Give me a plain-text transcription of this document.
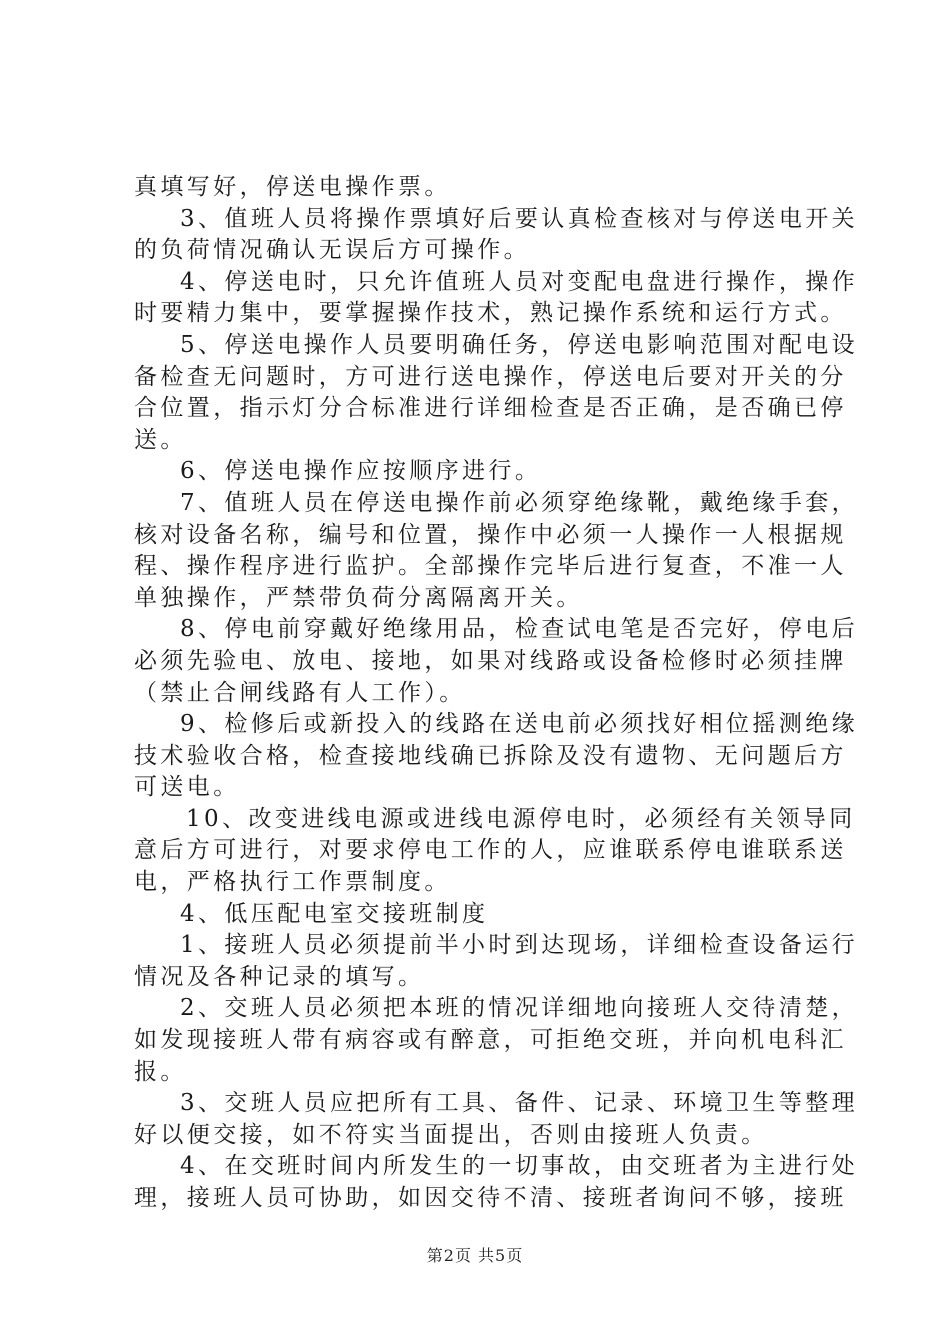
真填写好，停送电操作票。
3、值班人员将操作票填好后要认真检查核对与停送电开关
的负荷情况确认无误后方可操作。
4、停送电时，只允许值班人员对变配电盘进行操作，操作
时要精力集中，要掌握操作技术，熟记操作系统和运行方式。
5、停送电操作人员要明确任务，停送电影响范围对配电设
备检查无问题时，方可进行送电操作，停送电后要对开关的分
合位置，指示灯分合标准进行详细检查是否正确，是否确已停
送。
6、停送电操作应按顺序进行。
7、值班人员在停送电操作前必须穿绝缘靴，戴绝缘手套，
核对设备名称，编号和位置，操作中必须一人操作一人根据规
程、操作程序进行监护。全部操作完毕后进行复查，不准一人
单独操作，严禁带负荷分离隔离开关。
8、停电前穿戴好绝缘用品，检查试电笔是否完好，停电后
必须先验电、放电、接地，如果对线路或设备检修时必须挂牌
（禁止合闸线路有人工作）。
9、检修后或新投入的线路在送电前必须找好相位摇测绝缘
技术验收合格，检查接地线确已拆除及没有遗物、无问题后方
可送电。
10、改变进线电源或进线电源停电时，必须经有关领导同
意后方可进行，对要求停电工作的人，应谁联系停电谁联系送
电，严格执行工作票制度。
4、低压配电室交接班制度
1、接班人员必须提前半小时到达现场，详细检查设备运行
情况及各种记录的填写。
2、交班人员必须把本班的情况详细地向接班人交待清楚，
如发现接班人带有病容或有醉意，可拒绝交班，并向机电科汇
报。
3、交班人员应把所有工具、备件、记录、环境卫生等整理
好以便交接，如不符实当面提出，否则由接班人负责。
4、在交班时间内所发生的一切事故，由交班者为主进行处
理，接班人员可协助，如因交待不清、接班者询问不够，接班
第2页 共5页
